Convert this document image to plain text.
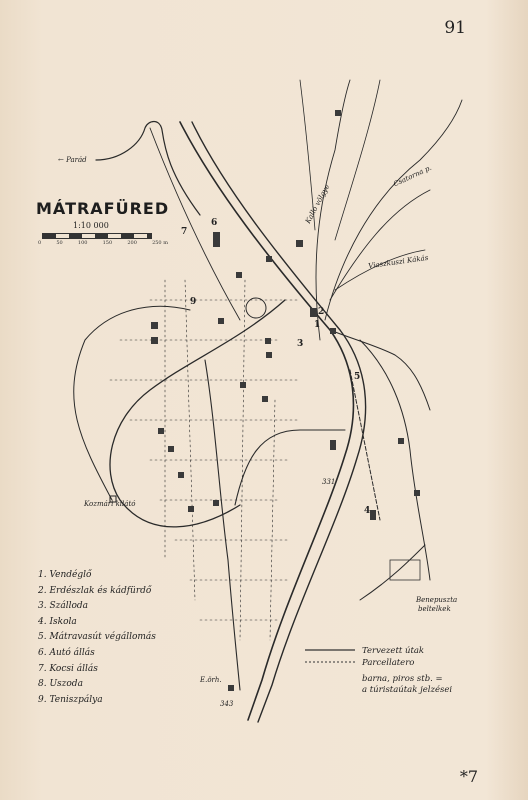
91
MÁTRAFÜRED
1:10 000
0	50	100	150	200	250 m
← Parád
Kozmári kilátó
E.örh.
343
331
Benepuszta
beltelkek
Csatorna p.
Viaszkuszi Kákás
Kalló völgye
7
6
9
3
1
2
5
4
1. Vendéglő
2. Erdészlak és kádfürdő
3. Szálloda
4. Iskola
5. Mátravasút végállomás
6. Autó állás
7. Kocsi állás
8. Uszoda
9. Teniszpálya
Tervezett útak
Parcellatero
barna, piros stb. =
a túristaútak jelzései
*7
